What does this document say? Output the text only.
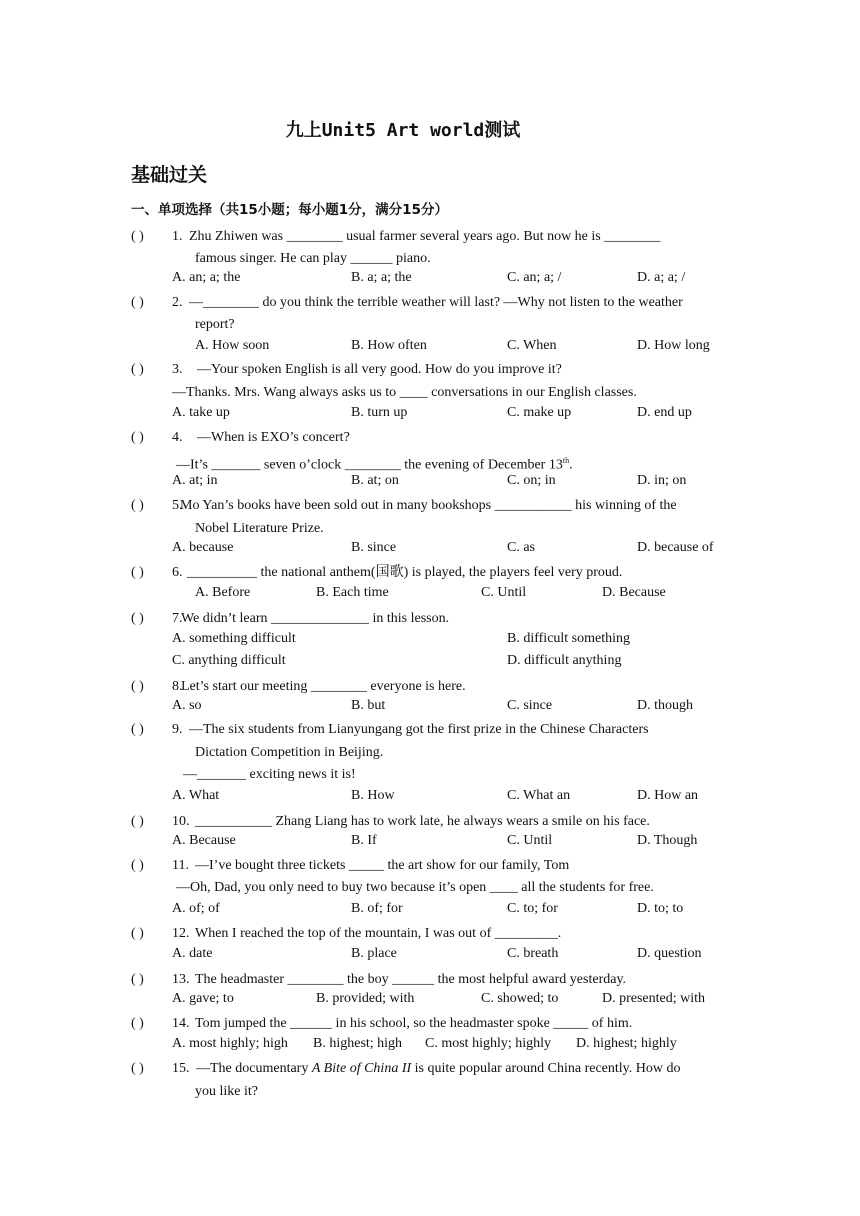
九上Unit5 Art world测试
基础过关
一、单项选择（共15小题；每小题1分，满分15分）
( ) 1. Zhu Zhiwen was ________ usual farmer several years ago. But now he is ________
famous singer. He can play ______ piano.
A. an; a; the	B. a; a; the	C. an; a; /	D. a; a; /
( ) 2. —________ do you think the terrible weather will last? —Why not listen to the weather
report?
A. How soon	B. How often	C. When	D. How long
( ) 3. —Your spoken English is all very good. How do you improve it?
—Thanks. Mrs. Wang always asks us to ____ conversations in our English classes.
A. take up	B. turn up	C. make up	D. end up
( ) 4. —When is EXO’s concert?
—It’s _______ seven o’clock ________ the evening of December 13th.
A. at; in	B. at; on	C. on; in	D. in; on
( ) 5.
Mo Yan’s books have been sold out in many bookshops ___________ his winning of the
Nobel Literature Prize.
A. because	B. since	C. as	D. because of
( ) 6. __________ the national anthem(国歌) is played, the players feel very proud.
A. Before	B. Each time	C. Until	D. Because
( ) 7.
We didn’t learn ______________ in this lesson.
A. something difficult	B. difficult something
C. anything difficult	D. difficult anything
( ) 8.
Let’s start our meeting ________ everyone is here.
A. so	B. but	C. since	D. though
( ) 9. —The six students from Lianyungang got the first prize in the Chinese Characters
Dictation Competition in Beijing.
—_______ exciting news it is!
A. What	B. How	C. What an	D. How an
( ) 10. ___________ Zhang Liang has to work late, he always wears a smile on his face.
A. Because	B. If	C. Until	D. Though
( ) 11. —I’ve bought three tickets _____ the art show for our family, Tom
—Oh, Dad, you only need to buy two because it’s open ____ all the students for free.
A. of; of	B. of; for	C. to; for	D. to; to
( ) 12. When I reached the top of the mountain, I was out of _________.
A. date	B. place	C. breath	D. question
( ) 13. The headmaster ________ the boy ______ the most helpful award yesterday.
A. gave; to	B. provided; with	C. showed; to	D. presented; with
( ) 14. Tom jumped the ______ in his school, so the headmaster spoke _____ of him.
A. most highly; high B. highest; high C. most highly; highly D. highest; highly
( ) 15. —The documentary A Bite of China II is quite popular around China recently. How do
you like it?
